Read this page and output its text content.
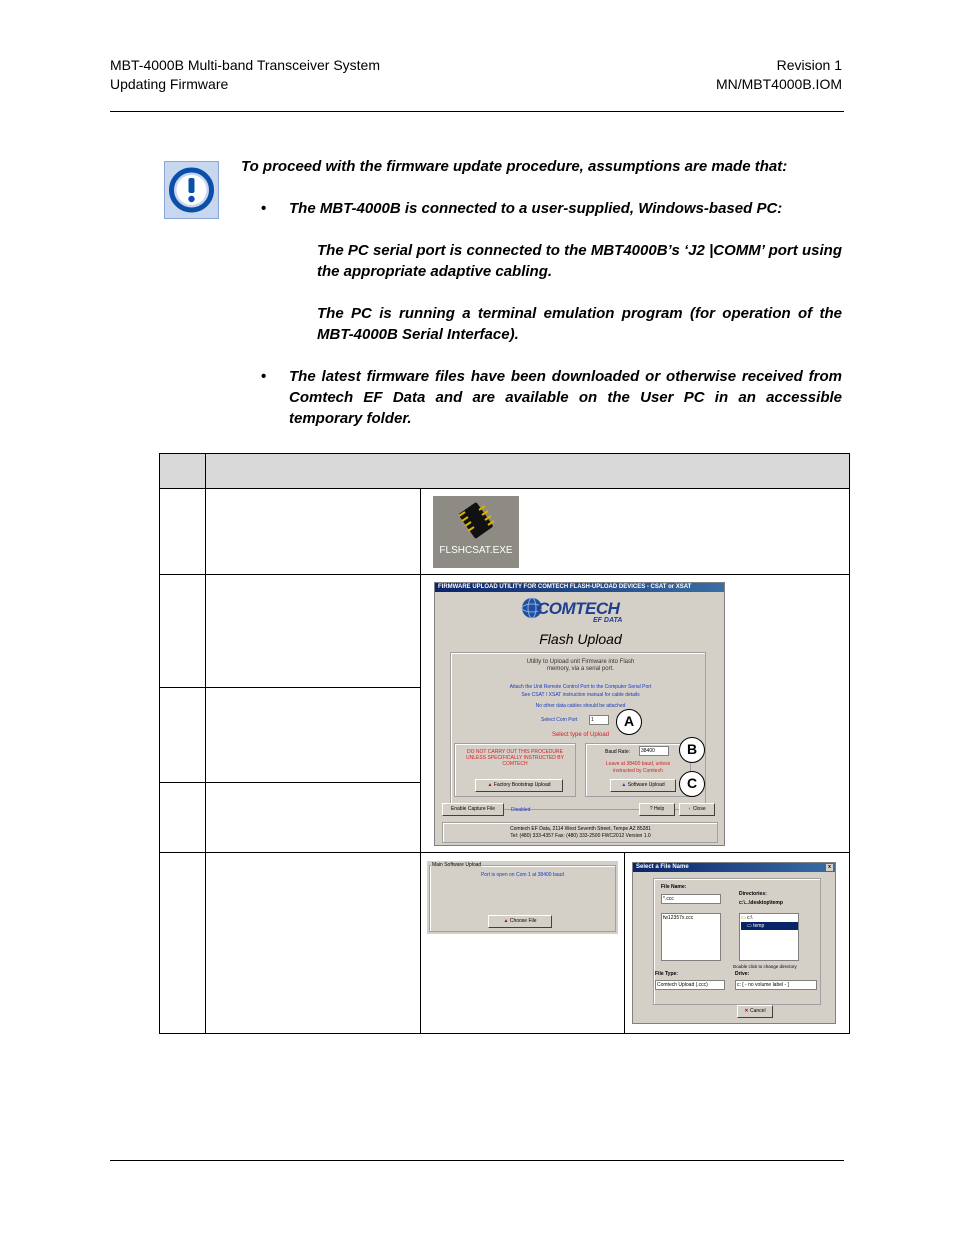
MBT-4000B Multi-band Transceiver System
Updating Firmware
Revision 1
MN/MBT4000B.IOM

To proceed with the firmware update procedure, assumptions are made that:

• The MBT-4000B is connected to a user-supplied, Windows-based PC:

The PC serial port is connected to the MBT4000B’s ‘J2 |COMM’ port using the appropriate adaptive cabling.

The PC is running a terminal emulation program (for operation of the MBT-4000B Serial Interface).

• The latest firmware files have been downloaded or otherwise received from Comtech EF Data and are available on the User PC in an accessible temporary folder.

FLSHCSAT.EXE
FIRMWARE UPLOAD UTILITY FOR COMTECH FLASH-UPLOAD DEVICES - CSAT or XSAT
COMTECH
EF DATA
Flash Upload
Utility to Upload unit Firmware into Flash
memory, via a serial port.
Attach the Unit Remote Control Port to the Computer Serial Port
See CSAT / XSAT instruction manual for cable details
No other data cables should be attached
Select Com Port	1	A
Select type of Upload
DO NOT CARRY OUT THIS PROCEDURE
UNLESS SPECIFICALLY INSTRUCTED BY
COMTECH
▲ Factory Bootstrap Upload
Baud Rate:	38400	B
Leave at 38400 baud, unless
instructed by Comtech
▲ Software Upload	C
Enable Capture File	Disabled	? Help	◐ Close
Comtech EF Data, 2114 West Seventh Street, Tempe AZ 85281
Tel: (480) 333-4357 Fax: (480) 333-2500 FWC2012 Version 1.0
Main Software Upload
Port is open on Com 1 at 38400 baud
▲ Choose File
Select a File Name	x
File Name:
*.ccc
fw12357x.ccc
Directories:
c:\...\desktop\temp
▭ c:\
▭ temp
Double click to change directory
File Type:
Comtech Upload (.ccc)
Drive:
c: [ - no volume label - ]
✕ Cancel
